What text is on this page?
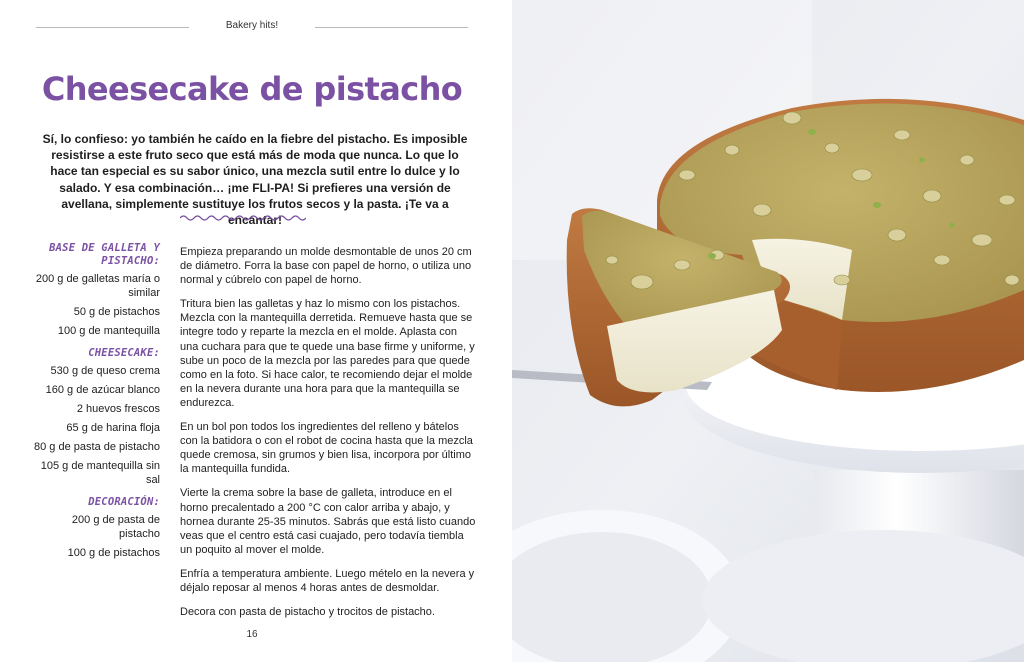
Bakery hits!
Cheesecake de pistacho

Sí, lo confieso: yo también he caído en la fiebre del pistacho. Es imposible resistirse a este fruto seco que está más de moda que nunca. Lo que lo hace tan especial es su sabor único, una mezcla sutil entre lo dulce y lo salado. Y esa combinación… ¡me FLI-PA! Si prefieres una versión de avellana, simplemente sustituye los frutos secos y la pasta. ¡Te va a encantar!

BASE DE GALLETA Y PISTACHO:
200 g de galletas maría o similar
50 g de pistachos
100 g de mantequilla
CHEESECAKE:
530 g de queso crema
160 g de azúcar blanco
2 huevos frescos
65 g de harina floja
80 g de pasta de pistacho
105 g de mantequilla sin sal
DECORACIÓN:
200 g de pasta de pistacho
100 g de pistachos

Empieza preparando un molde desmontable de unos 20 cm de diámetro. Forra la base con papel de horno, o utiliza uno normal y cúbrelo con papel de horno.

Tritura bien las galletas y haz lo mismo con los pistachos. Mezcla con la mantequilla derretida. Remueve hasta que se integre todo y reparte la mezcla en el molde. Aplasta con una cuchara para que te quede una base firme y uniforme, y sube un poco de la mezcla por las paredes para que quede como en la foto. Si hace calor, te recomiendo dejar el molde en la nevera durante una hora para que la mantequilla se endurezca.

En un bol pon todos los ingredientes del relleno y bátelos con la batidora o con el robot de cocina hasta que la mezcla quede cremosa, sin grumos y bien lisa, incorpora por último la mantequilla fundida.

Vierte la crema sobre la base de galleta, introduce en el horno precalentado a 200 °C con calor arriba y abajo, y hornea durante 25-35 minutos. Sabrás que está listo cuando veas que el centro está casi cuajado, pero todavía tiembla un poquito al mover el molde.

Enfría a temperatura ambiente. Luego mételo en la nevera y déjalo reposar al menos 4 horas antes de desmoldar.

Decora con pasta de pistacho y trocitos de pistacho.

16
